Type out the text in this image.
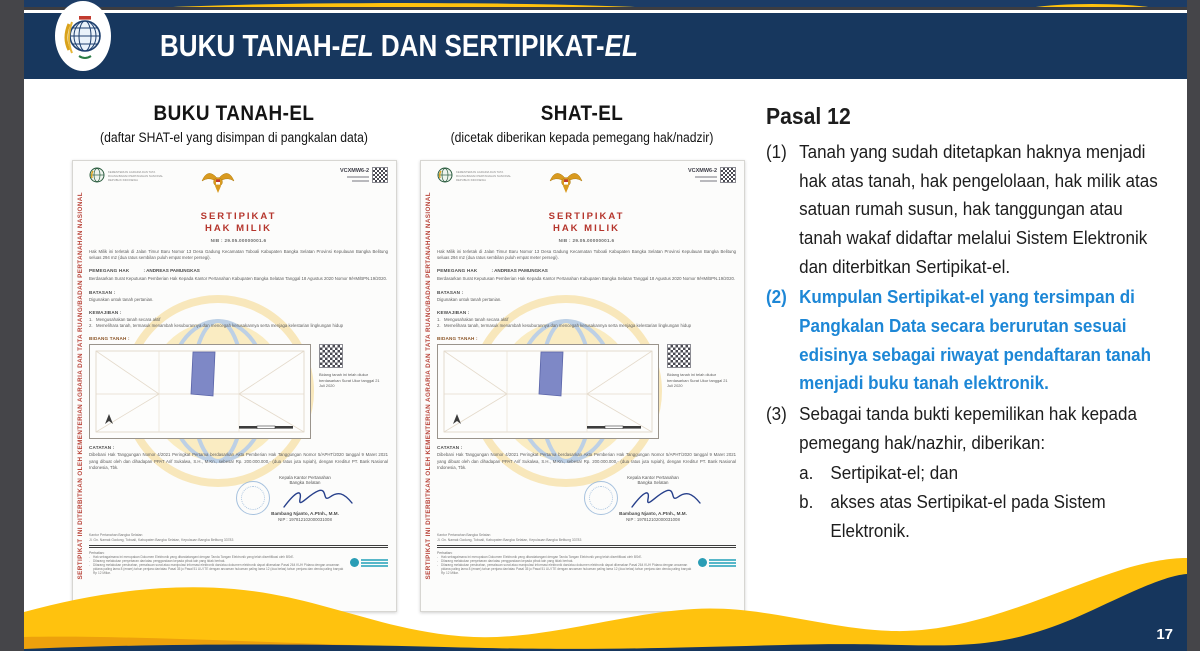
BUKU TANAH-EL DAN SERTIPIKAT-EL
BUKU TANAH-EL
(daftar SHAT-el yang disimpan di pangkalan data)
SHAT-EL
(dicetak diberikan kepada pemegang hak/nadzir)
SERTIPIKAT INI DITERBITKAN OLEH KEMENTERIAN AGRARIA DAN TATA RUANG/BADAN PERTANAHAN NASIONAL
KEMENTERIAN AGRARIA DAN TATA
RUANG/BADAN PERTANAHAN NASIONAL
REPUBLIK INDONESIA
VCXMW6-2
SERTIPIKAT
HAK MILIK
NIB : 29.05.00000001.6
Hak Milik ini terletak di Jalan Timur Baru Nomor 13 Desa Gadung Kecamatan Toboali Kabupaten Bangka Selatan Provinsi Kepulauan Bangka Belitung seluas 294 m2 (dua ratus sembilan puluh empat meter persegi).
PEMEGANG HAK	: ANDREAS PAMUNGKAS
Berdasarkan Surat Keputusan Pemberian Hak Kepada Kantor Pertanahan Kabupaten Bangka Selatan Tanggal 18 Agustus 2020 Nomor 9/HM/BPN.19/2020.
BATASAN :
Digunakan untuk tanah pertanian.
KEWAJIBAN :
1. Mengusahakan tanah secara aktif
2. Memelihara tanah, termasuk menambah kesuburannya dan mencegah kerusakannya serta menjaga kelestarian lingkungan hidup
BIDANG TANAH :
Bidang tanah ini telah diukur berdasarkan Surat Ukur tanggal 21 Juli 2020
CATATAN :
Dibebani Hak Tanggungan Nomor 4/2021 Peringkat Pertama berdasarkan Akta Pemberian Hak Tanggungan Nomor 5/APHT/2020 tanggal 9 Maret 2021 yang dibuat oleh dan dihadapan PPAT Arif Sukalwa, S.H., M.Kn., sebesar Rp. 200.000.000,- (dua ratus juta rupiah), dengan Kreditur PT. Bank Nasional Indonesia, Tbk.
Kepala Kantor Pertanahan
Bangka Selatan
Bambang Njanto, A.Ptnh., M.M.
NIP : 197812102000031008
Kantor Pertanahan Bangka Selatan
Jl. Gn. Namak Gadung, Toboali, Kabupaten Bangka Selatan, Kepulauan Bangka Belitung 33783
Perhatian:
- Hak sebagaimana ini merupakan Dokumen Elektronik yang ditandatangani dengan Tanda Tangan Elektronik yang telah disertifikasi oleh BSrE.
- Dilarang melakukan penyebaran dan/atau penggandaan kepada pihak lain yang tidak berhak.
- Dilarang melakukan perubahan, pemalsuan surat atau manipulasi informasi elektronik dan/atau dokumen elektronik dapat dikenakan Pasal 264 KUH Pidana dengan ancaman pidana paling lama 8 (enam) tahun penjara dan/atau Pasal 35 jo Pasal 51 UU ITE dengan ancaman hukuman paling lama 12 (dua belas) tahun penjara dan denda paling banyak Rp 12 Miliar.	SERTIPIKAT INI DITERBITKAN OLEH KEMENTERIAN AGRARIA DAN TATA RUANG/BADAN PERTANAHAN NASIONAL
KEMENTERIAN AGRARIA DAN TATA
RUANG/BADAN PERTANAHAN NASIONAL
REPUBLIK INDONESIA
VCXMW6-2
SERTIPIKAT
HAK MILIK
NIB : 29.05.00000001.6
Hak Milik ini terletak di Jalan Timur Baru Nomor 13 Desa Gadung Kecamatan Toboali Kabupaten Bangka Selatan Provinsi Kepulauan Bangka Belitung seluas 294 m2 (dua ratus sembilan puluh empat meter persegi).
PEMEGANG HAK	: ANDREAS PAMUNGKAS
Berdasarkan Surat Keputusan Pemberian Hak Kepada Kantor Pertanahan Kabupaten Bangka Selatan Tanggal 18 Agustus 2020 Nomor 9/HM/BPN.19/2020.
BATASAN :
Digunakan untuk tanah pertanian.
KEWAJIBAN :
1. Mengusahakan tanah secara aktif
2. Memelihara tanah, termasuk menambah kesuburannya dan mencegah kerusakannya serta menjaga kelestarian lingkungan hidup
BIDANG TANAH :
Bidang tanah ini telah diukur berdasarkan Surat Ukur tanggal 21 Juli 2020
CATATAN :
Dibebani Hak Tanggungan Nomor 4/2021 Peringkat Pertama berdasarkan Akta Pemberian Hak Tanggungan Nomor 5/APHT/2020 tanggal 9 Maret 2021 yang dibuat oleh dan dihadapan PPAT Arif Sukalwa, S.H., M.Kn., sebesar Rp. 200.000.000,- (dua ratus juta rupiah), dengan Kreditur PT. Bank Nasional Indonesia, Tbk.
Kepala Kantor Pertanahan
Bangka Selatan
Bambang Njanto, A.Ptnh., M.M.
NIP : 197812102000031008
Kantor Pertanahan Bangka Selatan
Jl. Gn. Namak Gadung, Toboali, Kabupaten Bangka Selatan, Kepulauan Bangka Belitung 33783
Perhatian:
- Hak sebagaimana ini merupakan Dokumen Elektronik yang ditandatangani dengan Tanda Tangan Elektronik yang telah disertifikasi oleh BSrE.
- Dilarang melakukan penyebaran dan/atau penggandaan kepada pihak lain yang tidak berhak.
- Dilarang melakukan perubahan, pemalsuan surat atau manipulasi informasi elektronik dan/atau dokumen elektronik dapat dikenakan Pasal 264 KUH Pidana dengan ancaman pidana paling lama 8 (enam) tahun penjara dan/atau Pasal 35 jo Pasal 51 UU ITE dengan ancaman hukuman paling lama 12 (dua belas) tahun penjara dan denda paling banyak Rp 12 Miliar.
Pasal 12
(1) Tanah yang sudah ditetapkan haknya menjadi hak atas tanah, hak pengelolaan, hak milik atas satuan rumah susun, hak tanggungan atau tanah wakaf didaftar melalui Sistem Elektronik dan diterbitkan Sertipikat-el.
(2) Kumpulan Sertipikat-el yang tersimpan di Pangkalan Data secara berurutan sesuai edisinya sebagai riwayat pendaftaran tanah menjadi buku tanah elektronik.
(3) Sebagai tanda bukti kepemilikan hak kepada pemegang hak/nazhir, diberikan:
a. Sertipikat-el; dan
b. akses atas Sertipikat-el pada Sistem Elektronik.
17
